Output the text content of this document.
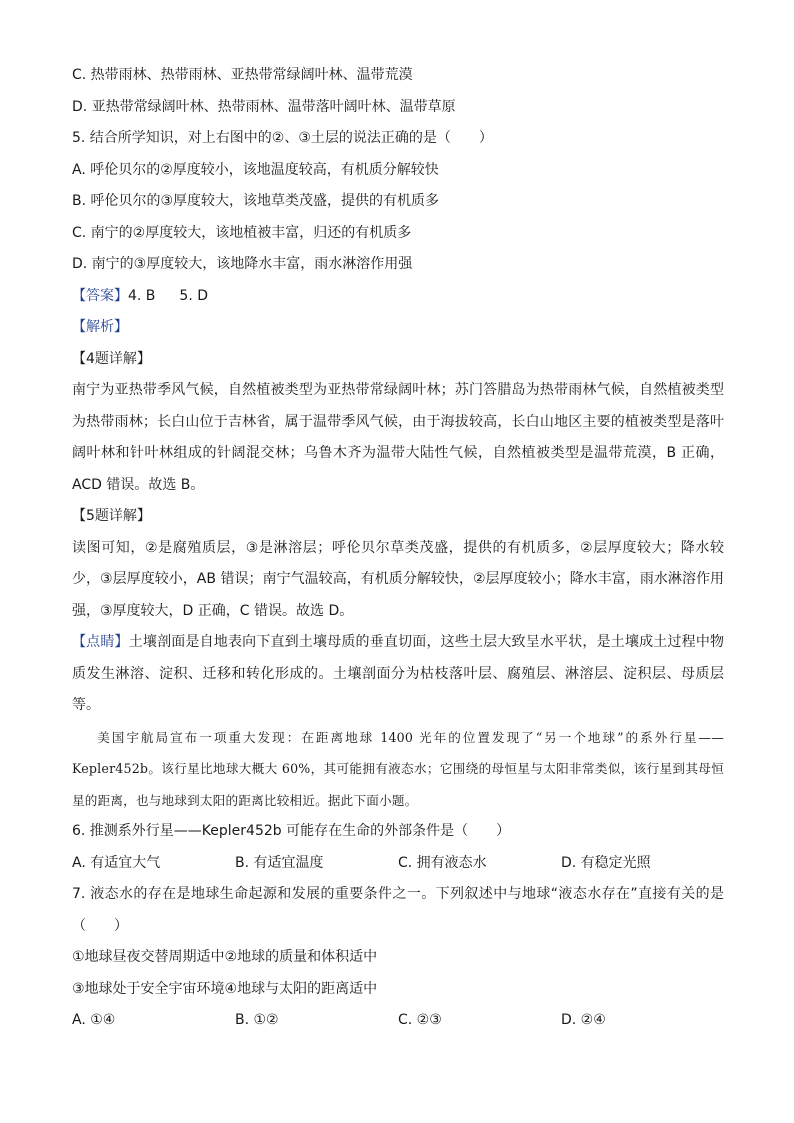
C. 热带雨林、热带雨林、亚热带常绿阔叶林、温带荒漠
D. 亚热带常绿阔叶林、热带雨林、温带落叶阔叶林、温带草原
5. 结合所学知识，对上右图中的②、③土层的说法正确的是（　　）
A. 呼伦贝尔的②厚度较小，该地温度较高，有机质分解较快
B. 呼伦贝尔的③厚度较大，该地草类茂盛，提供的有机质多
C. 南宁的②厚度较大，该地植被丰富，归还的有机质多
D. 南宁的③厚度较大，该地降水丰富，雨水淋溶作用强
【答案】4. B 5. D
【解析】
【4题详解】
南宁为亚热带季风气候，自然植被类型为亚热带常绿阔叶林；苏门答腊岛为热带雨林气候，自然植被类型为热带雨林；长白山位于吉林省，属于温带季风气候，由于海拔较高，长白山地区主要的植被类型是落叶阔叶林和针叶林组成的针阔混交林；乌鲁木齐为温带大陆性气候，自然植被类型是温带荒漠，B 正确，ACD 错误。故选 B。
【5题详解】
读图可知，②是腐殖质层，③是淋溶层；呼伦贝尔草类茂盛，提供的有机质多，②层厚度较大；降水较少，③层厚度较小，AB 错误；南宁气温较高，有机质分解较快，②层厚度较小；降水丰富，雨水淋溶作用强，③厚度较大，D 正确，C 错误。故选 D。
【点睛】土壤剖面是自地表向下直到土壤母质的垂直切面，这些土层大致呈水平状，是土壤成土过程中物质发生淋溶、淀积、迁移和转化形成的。土壤剖面分为枯枝落叶层、腐殖层、淋溶层、淀积层、母质层等。
美国宇航局宣布一项重大发现：在距离地球 1400 光年的位置发现了“另一个地球”的系外行星——Kepler452b。该行星比地球大概大 60%，其可能拥有液态水；它围绕的母恒星与太阳非常类似，该行星到其母恒星的距离，也与地球到太阳的距离比较相近。据此下面小题。
6. 推测系外行星——Kepler452b 可能存在生命的外部条件是（　　）
A. 有适宜大气	B. 有适宜温度	C. 拥有液态水	D. 有稳定光照
7. 液态水的存在是地球生命起源和发展的重要条件之一。下列叙述中与地球“液态水存在”直接有关的是（　　）
①地球昼夜交替周期适中②地球的质量和体积适中
③地球处于安全宇宙环境④地球与太阳的距离适中
A. ①④	B. ①②	C. ②③	D. ②④
